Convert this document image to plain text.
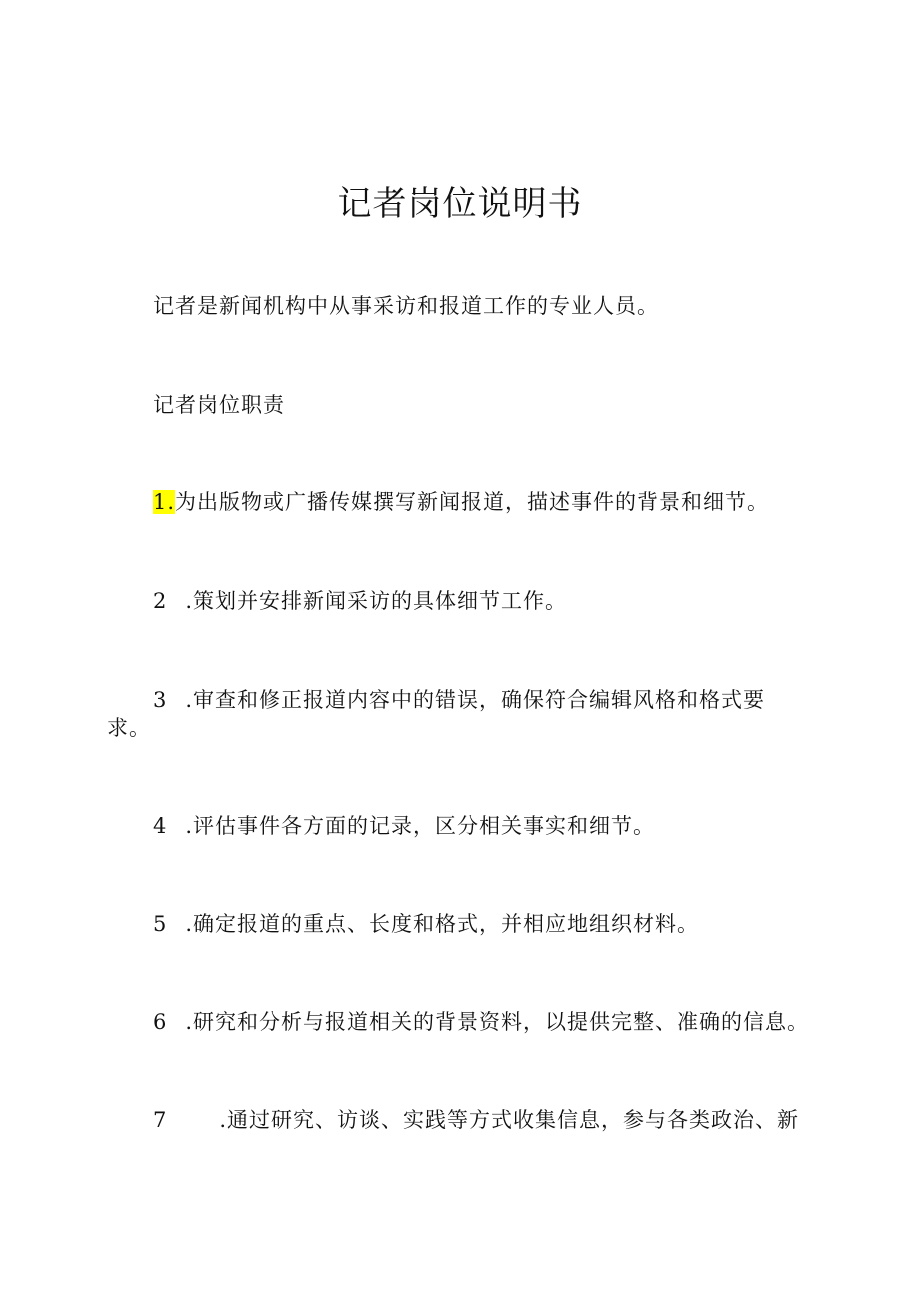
记者岗位说明书

记者是新闻机构中从事采访和报道工作的专业人员。

记者岗位职责

1.为出版物或广播传媒撰写新闻报道，描述事件的背景和细节。

2 .策划并安排新闻采访的具体细节工作。

3 .审查和修正报道内容中的错误，确保符合编辑风格和格式要

求。

4 .评估事件各方面的记录，区分相关事实和细节。

5 .确定报道的重点、长度和格式，并相应地组织材料。

6 .研究和分析与报道相关的背景资料，以提供完整、准确的信息。

7 .通过研究、访谈、实践等方式收集信息，参与各类政治、新
